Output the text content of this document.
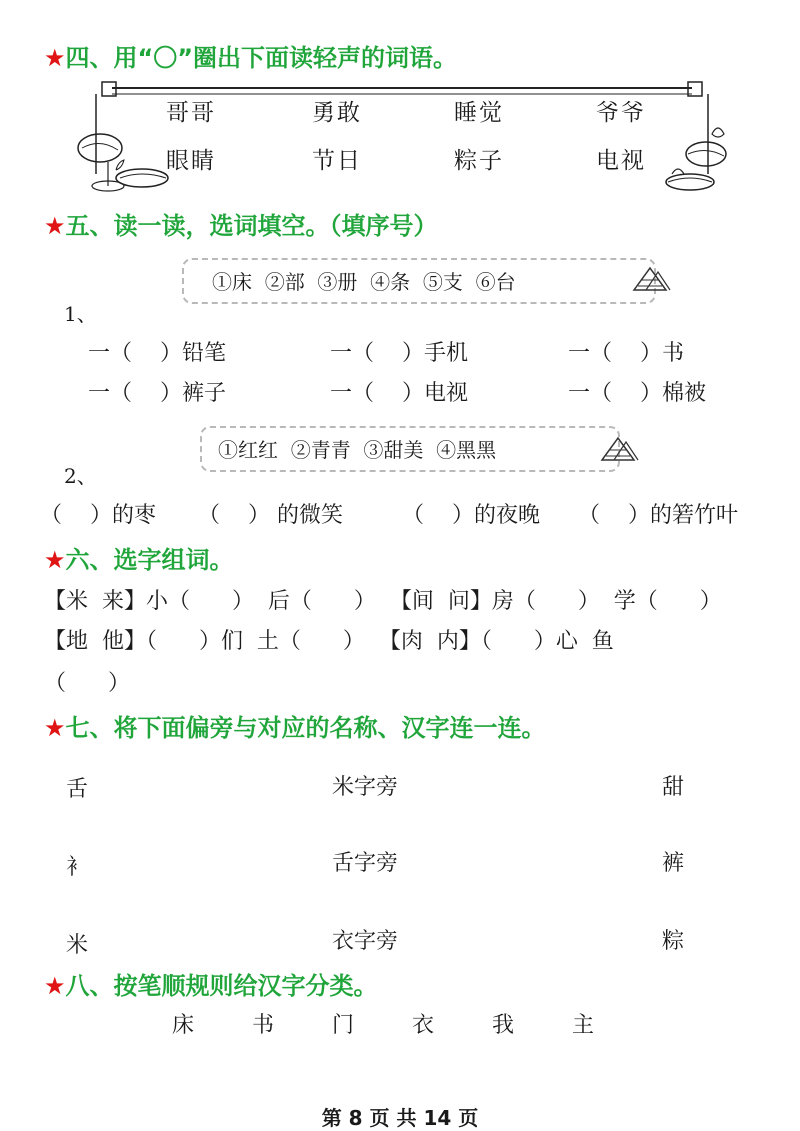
★四、用“〇”圈出下面读轻声的词语。
哥哥	勇敢	睡觉	爷爷
眼睛	节日	粽子	电视
★五、读一读，选词填空。（填序号）
①床  ②部  ③册  ④条  ⑤支  ⑥台
1、
一（    ）铅笔	一（    ）手机	一（    ）书
一（    ）裤子	一（    ）电视	一（    ）棉被
①红红  ②青青  ③甜美  ④黑黑
2、
（    ）的枣 （    ） 的微笑	（    ）的夜晚 （    ）的箬竹叶
★六、选字组词。
【米  来】小（      ）  后（      ）  【间  问】房（      ）  学（      ）
【地  他】（      ）们  土（      ）  【肉  内】（      ）心  鱼
（      ）
★七、将下面偏旁与对应的名称、汉字连一连。
舌	米字旁	甜
衤	舌字旁	裤
米	衣字旁	粽
★八、按笔顺规则给汉字分类。
床	书	门	衣	我	主
第 8 页 共 14 页
